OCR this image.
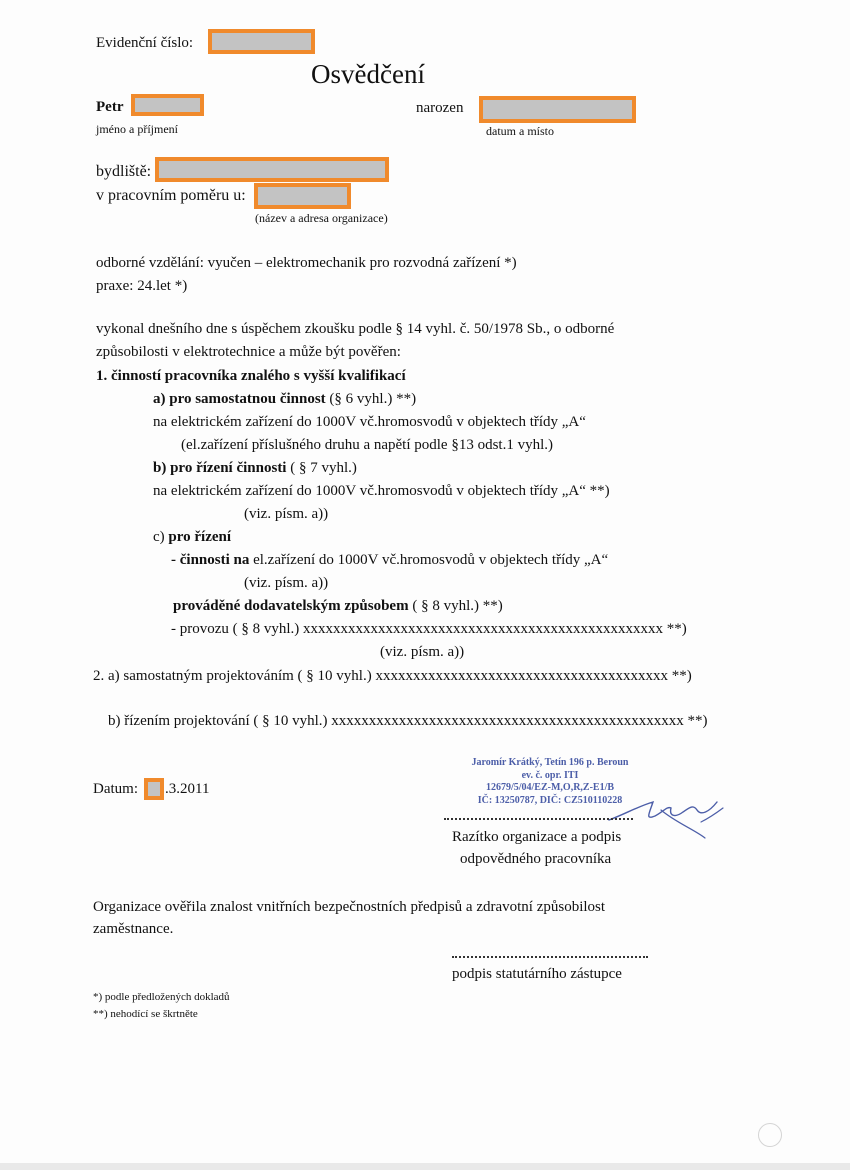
Evidenční číslo:
Osvědčení
Petr
jméno a příjmení
narozen
datum a místo
bydliště:
v pracovním poměru u:
(název a adresa organizace)
odborné vzdělání: vyučen – elektromechanik pro rozvodná zařízení *)
praxe: 24.let *)
vykonal dnešního dne s úspěchem zkoušku podle § 14 vyhl. č. 50/1978 Sb., o odborné
způsobilosti v elektrotechnice a může být pověřen:
1. činností pracovníka znalého s vyšší kvalifikací
a) pro samostatnou činnost (§ 6 vyhl.) **)
na elektrickém zařízení do 1000V vč.hromosvodů v objektech třídy „A“
(el.zařízení příslušného druhu a napětí podle §13 odst.1 vyhl.)
b) pro řízení činnosti ( § 7 vyhl.)
na elektrickém zařízení do 1000V vč.hromosvodů v objektech třídy „A“ **)
(viz. písm. a))
c) pro řízení
- činnosti na el.zařízení do 1000V vč.hromosvodů v objektech třídy „A“
(viz. písm. a))
prováděné dodavatelským způsobem ( § 8 vyhl.) **)
- provozu ( § 8 vyhl.) xxxxxxxxxxxxxxxxxxxxxxxxxxxxxxxxxxxxxxxxxxxxxxxx **)
(viz. písm. a))
2. a) samostatným projektováním ( § 10 vyhl.) xxxxxxxxxxxxxxxxxxxxxxxxxxxxxxxxxxxxxxx **)
b) řízením projektování ( § 10 vyhl.) xxxxxxxxxxxxxxxxxxxxxxxxxxxxxxxxxxxxxxxxxxxxxxx **)
Datum: .3.2011
Jaromír Krátký, Tetín 196 p. Beroun
ev. č. opr. ITI
12679/5/04/EZ-M,O,R,Z-E1/B
IČ: 13250787, DIČ: CZ510110228
Razítko organizace a podpis
odpovědného pracovníka
Organizace ověřila znalost vnitřních bezpečnostních předpisů a zdravotní způsobilost
zaměstnance.
podpis statutárního zástupce
*) podle předložených dokladů
**) nehodící se škrtněte
